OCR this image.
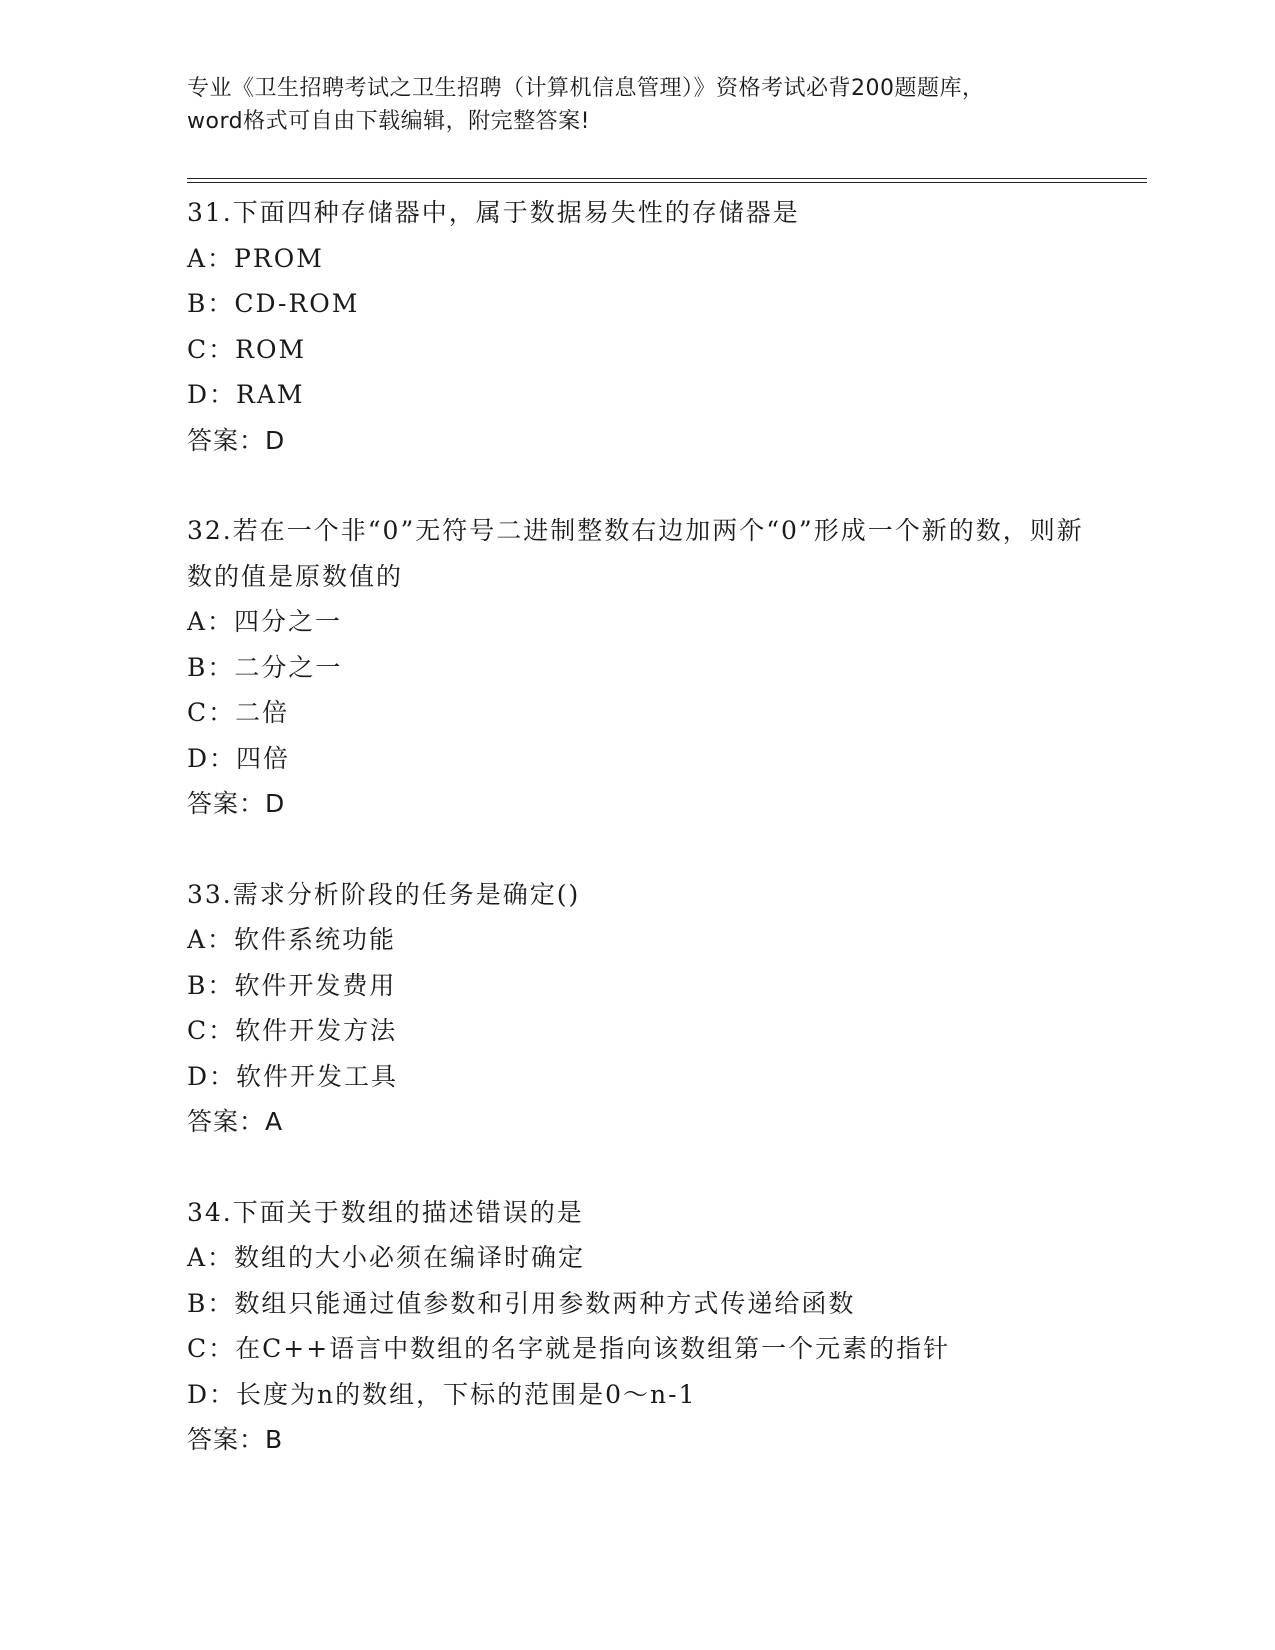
专业《卫生招聘考试之卫生招聘（计算机信息管理）》资格考试必背200题题库，
word格式可自由下载编辑，附完整答案!
31.下面四种存储器中，属于数据易失性的存储器是
A：PROM
B：CD-ROM
C：ROM
D：RAM
答案：D
32.若在一个非“0”无符号二进制整数右边加两个“0”形成一个新的数，则新数的值是原数值的
A：四分之一
B：二分之一
C：二倍
D：四倍
答案：D
33.需求分析阶段的任务是确定()
A：软件系统功能
B：软件开发费用
C：软件开发方法
D：软件开发工具
答案：A
34.下面关于数组的描述错误的是
A：数组的大小必须在编译时确定
B：数组只能通过值参数和引用参数两种方式传递给函数
C：在C++语言中数组的名字就是指向该数组第一个元素的指针
D：长度为n的数组，下标的范围是0～n-1
答案：B
